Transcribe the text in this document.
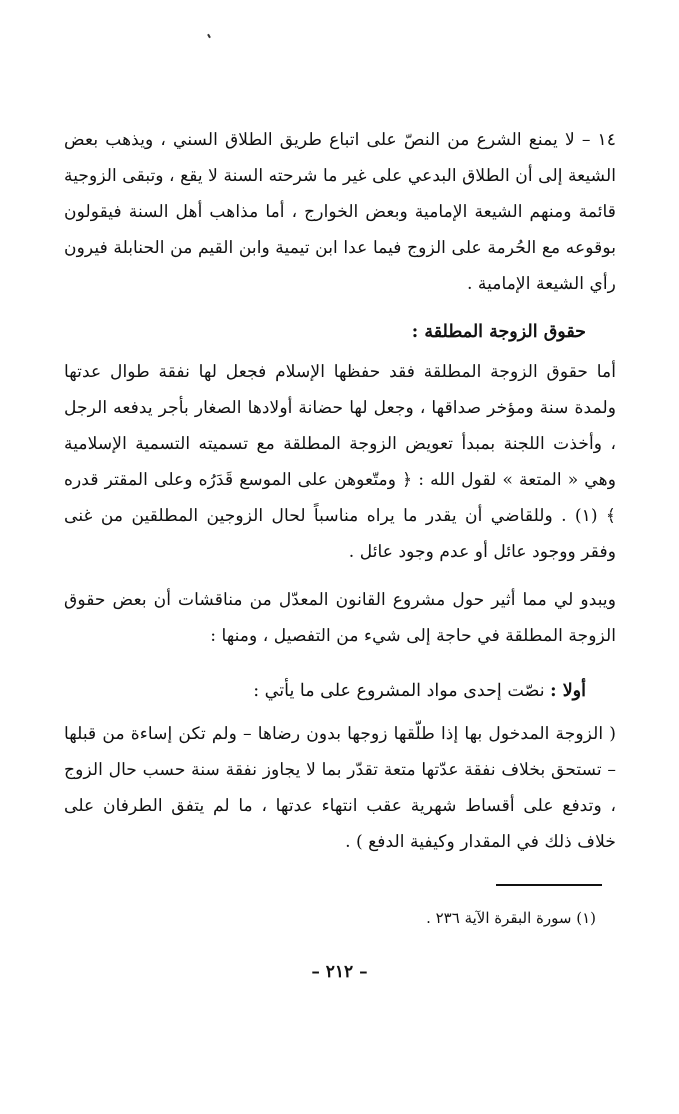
١٤ – لا يمنع الشرع من النصّ على اتباع طريق الطلاق السني ، ويذهب بعض الشيعة إلى أن الطلاق البدعي على غير ما شرحته السنة لا يقع ، وتبقى الزوجية قائمة ومنهم الشيعة الإمامية وبعض الخوارج ، أما مذاهب أهل السنة فيقولون بوقوعه مع الحُرمة على الزوج فيما عدا ابن تيمية وابن القيم من الحنابلة فيرون رأي الشيعة الإمامية .

حقوق الزوجة المطلقة :

أما حقوق الزوجة المطلقة فقد حفظها الإسلام فجعل لها نفقة طوال عدتها ولمدة سنة ومؤخر صداقها ، وجعل لها حضانة أولادها الصغار بأجر يدفعه الرجل ، وأخذت اللجنة بمبدأ تعويض الزوجة المطلقة مع تسميته التسمية الإسلامية وهي « المتعة » لقول الله : ﴿ ومتّعوهن على الموسع قَدَرُه وعلى المقتر قدره ﴾ (١) . وللقاضي أن يقدر ما يراه مناسباً لحال الزوجين المطلقين من غنى وفقر ووجود عائل أو عدم وجود عائل .

ويبدو لي مما أثير حول مشروع القانون المعدّل من مناقشات أن بعض حقوق الزوجة المطلقة في حاجة إلى شيء من التفصيل ، ومنها :

أولا : نصّت إحدى مواد المشروع على ما يأتي :

( الزوجة المدخول بها إذا طلّقها زوجها بدون رضاها – ولم تكن إساءة من قبلها – تستحق بخلاف نفقة عدّتها متعة تقدّر بما لا يجاوز نفقة سنة حسب حال الزوج ، وتدفع على أقساط شهرية عقب انتهاء عدتها ، ما لم يتفق الطرفان على خلاف ذلك في المقدار وكيفية الدفع ) .

(١) سورة البقرة الآية ٢٣٦ .

– ٢١٢ –
